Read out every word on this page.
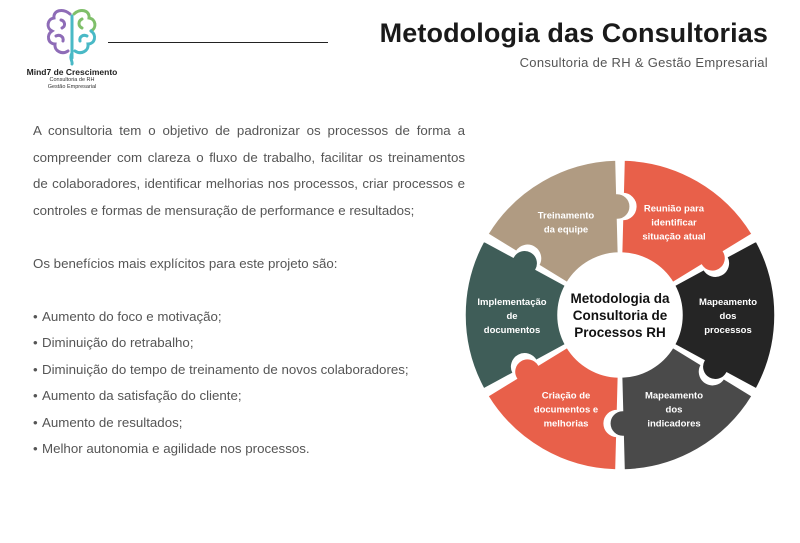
Mind7 de Crescimento
Consultoria de RH
Gestão Empresarial
Metodologia das Consultorias
Consultoria de RH & Gestão Empresarial

A consultoria tem o objetivo de padronizar os processos de forma a compreender com clareza o fluxo de trabalho, facilitar os treinamentos de colaboradores, identificar melhorias nos processos, criar processos e controles e formas de mensuração de performance e resultados;

Os benefícios mais explícitos para este projeto são:

• Aumento do foco e motivação;
• Diminuição do retrabalho;
• Diminuição do tempo de treinamento de novos colaboradores;
• Aumento da satisfação do cliente;
• Aumento de resultados;
• Melhor autonomia e agilidade nos processos.
Treinamento
da equipe
Reunião para
identificar
situação atual
Mapeamento
dos
processos
Mapeamento
dos
indicadores
Criação de
documentos e
melhorias
Implementação
de
documentos
Metodologia da
Consultoria de
Processos RH
